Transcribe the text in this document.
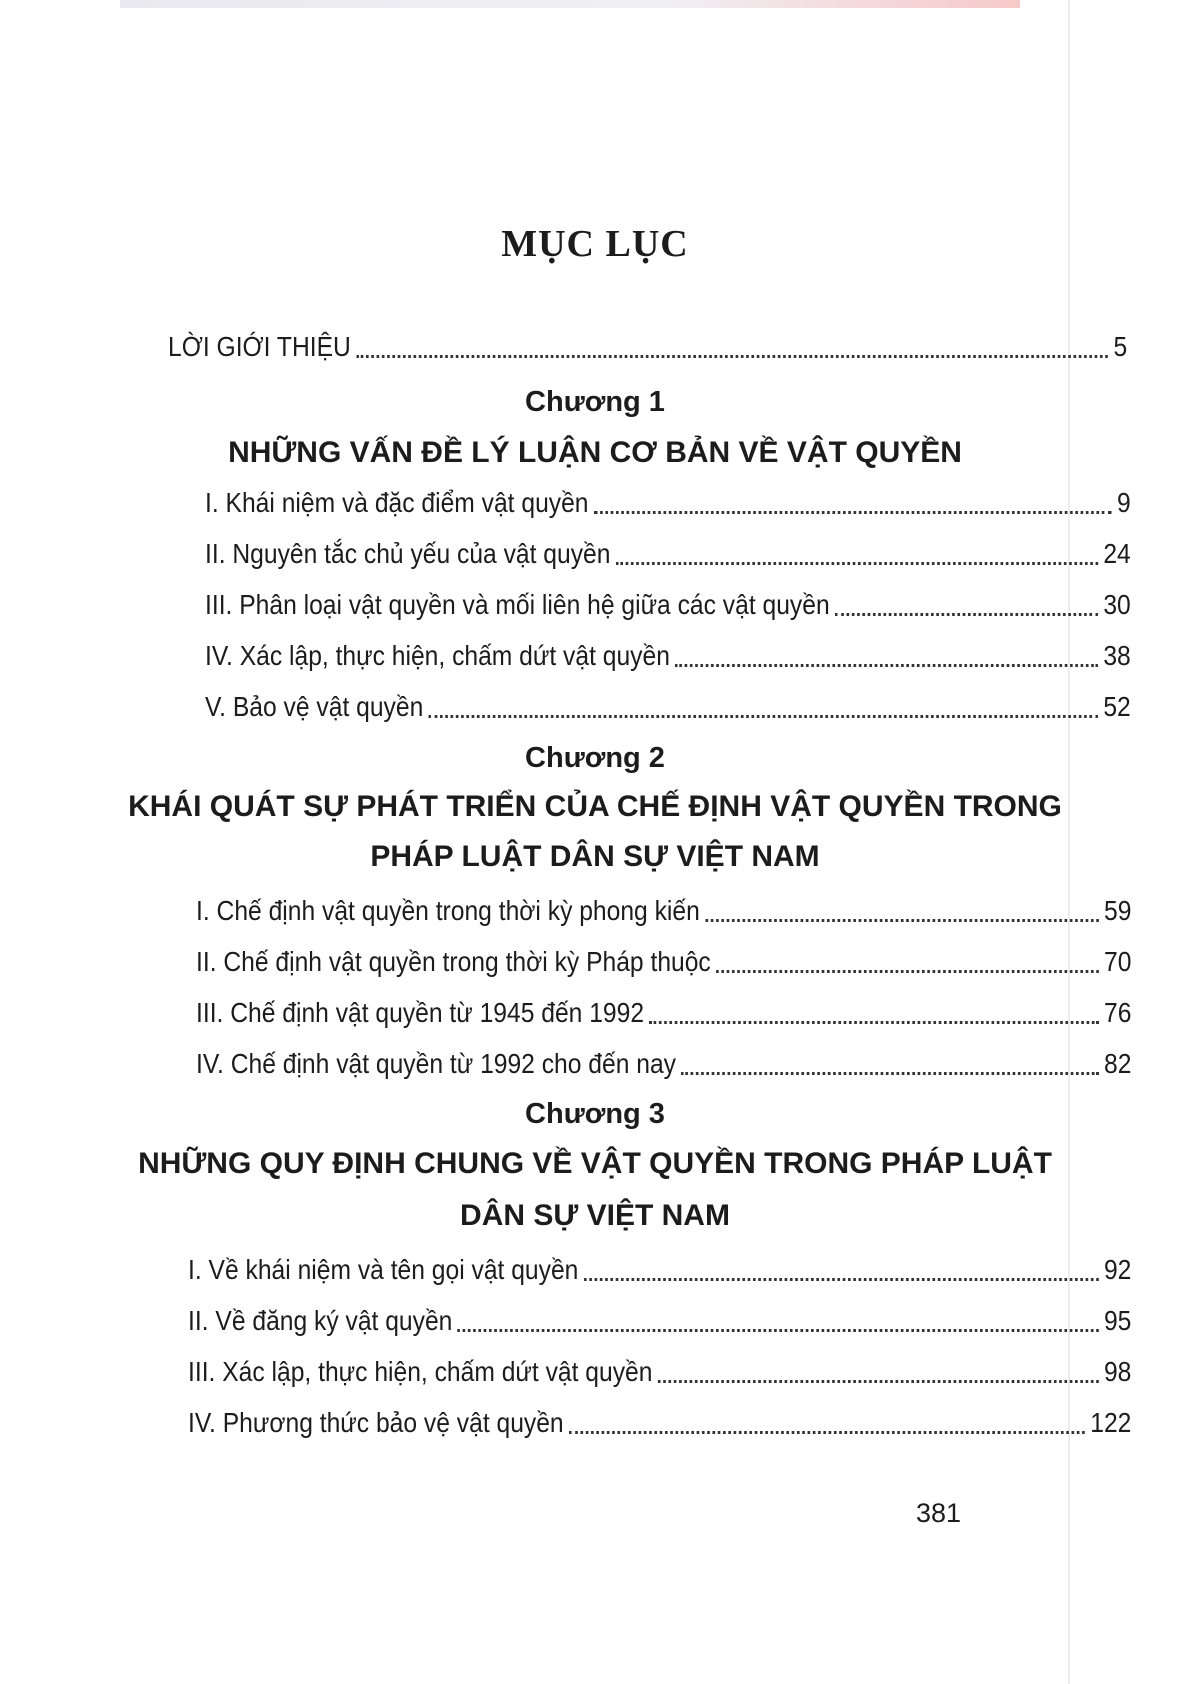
MỤC LỤC
LỜI GIỚI THIỆU	5
Chương 1
NHỮNG VẤN ĐỀ LÝ LUẬN CƠ BẢN VỀ VẬT QUYỀN
I. Khái niệm và đặc điểm vật quyền	9
II. Nguyên tắc chủ yếu của vật quyền	24
III. Phân loại vật quyền và mối liên hệ giữa các vật quyền	30
IV. Xác lập, thực hiện, chấm dứt vật quyền	38
V. Bảo vệ vật quyền	52
Chương 2
KHÁI QUÁT SỰ PHÁT TRIỂN CỦA CHẾ ĐỊNH VẬT QUYỀN TRONG
PHÁP LUẬT DÂN SỰ VIỆT NAM
I. Chế định vật quyền trong thời kỳ phong kiến	59
II. Chế định vật quyền trong thời kỳ Pháp thuộc	70
III. Chế định vật quyền từ 1945 đến 1992	76
IV. Chế định vật quyền từ 1992 cho đến nay	82
Chương 3
NHỮNG QUY ĐỊNH CHUNG VỀ VẬT QUYỀN TRONG PHÁP LUẬT
DÂN SỰ VIỆT NAM
I. Về khái niệm và tên gọi vật quyền	92
II. Về đăng ký vật quyền	95
III. Xác lập, thực hiện, chấm dứt vật quyền	98
IV. Phương thức bảo vệ vật quyền	122
381
